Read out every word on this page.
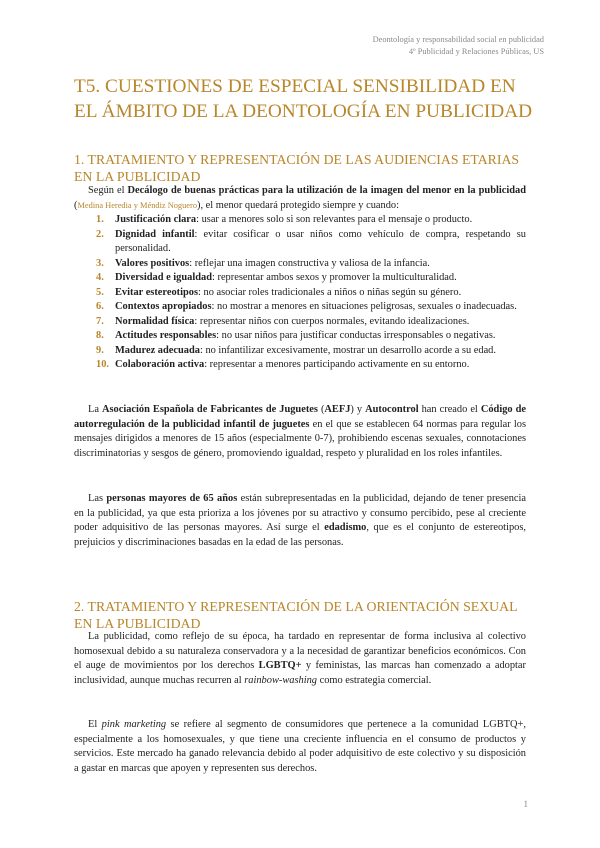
Deontología y responsabilidad social en publicidad
4º Publicidad y Relaciones Públicas, US
T5. CUESTIONES DE ESPECIAL SENSIBILIDAD EN EL ÁMBITO DE LA DEONTOLOGÍA EN PUBLICIDAD
1. TRATAMIENTO Y REPRESENTACIÓN DE LAS AUDIENCIAS ETARIAS EN LA PUBLICIDAD

Según el Decálogo de buenas prácticas para la utilización de la imagen del menor en la publicidad (Medina Heredia y Méndiz Noguero), el menor quedará protegido siempre y cuando:

1. Justificación clara: usar a menores solo si son relevantes para el mensaje o producto.
2. Dignidad infantil: evitar cosificar o usar niños como vehículo de compra, respetando su personalidad.
3. Valores positivos: reflejar una imagen constructiva y valiosa de la infancia.
4. Diversidad e igualdad: representar ambos sexos y promover la multiculturalidad.
5. Evitar estereotipos: no asociar roles tradicionales a niños o niñas según su género.
6. Contextos apropiados: no mostrar a menores en situaciones peligrosas, sexuales o inadecuadas.
7. Normalidad física: representar niños con cuerpos normales, evitando idealizaciones.
8. Actitudes responsables: no usar niños para justificar conductas irresponsables o negativas.
9. Madurez adecuada: no infantilizar excesivamente, mostrar un desarrollo acorde a su edad.
10. Colaboración activa: representar a menores participando activamente en su entorno.

La Asociación Española de Fabricantes de Juguetes (AEFJ) y Autocontrol han creado el Código de autorregulación de la publicidad infantil de juguetes en el que se establecen 64 normas para regular los mensajes dirigidos a menores de 15 años (especialmente 0-7), prohibiendo escenas sexuales, connotaciones discriminatorias y sesgos de género, promoviendo igualdad, respeto y pluralidad en los roles infantiles.

Las personas mayores de 65 años están subrepresentadas en la publicidad, dejando de tener presencia en la publicidad, ya que esta prioriza a los jóvenes por su atractivo y consumo percibido, pese al creciente poder adquisitivo de las personas mayores. Así surge el edadismo, que es el conjunto de estereotipos, prejuicios y discriminaciones basadas en la edad de las personas.

2. TRATAMIENTO Y REPRESENTACIÓN DE LA ORIENTACIÓN SEXUAL EN LA PUBLICIDAD

La publicidad, como reflejo de su época, ha tardado en representar de forma inclusiva al colectivo homosexual debido a su naturaleza conservadora y a la necesidad de garantizar beneficios económicos. Con el auge de movimientos por los derechos LGBTQ+ y feministas, las marcas han comenzado a adoptar inclusividad, aunque muchas recurren al rainbow-washing como estrategia comercial.

El pink marketing se refiere al segmento de consumidores que pertenece a la comunidad LGBTQ+, especialmente a los homosexuales, y que tiene una creciente influencia en el consumo de productos y servicios. Este mercado ha ganado relevancia debido al poder adquisitivo de este colectivo y su disposición a gastar en marcas que apoyen y representen sus derechos.

1
